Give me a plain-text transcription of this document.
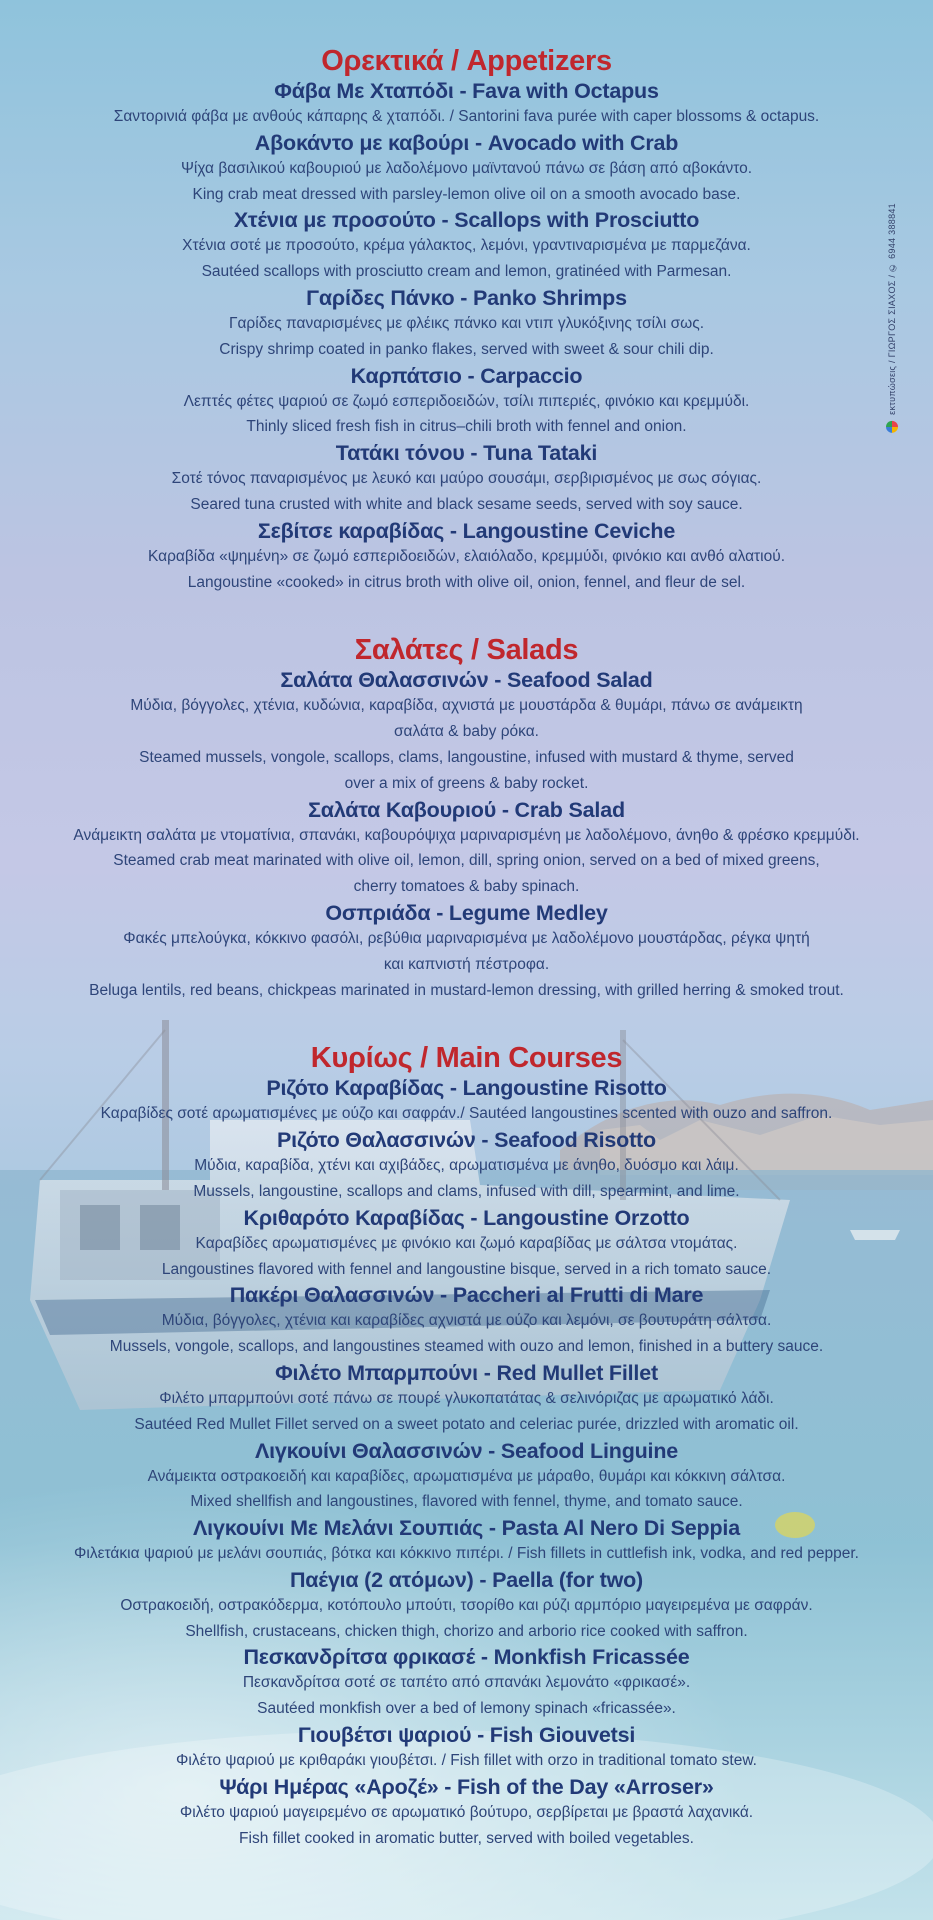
εκτυπώσεις / ΓΙΩΡΓΟΣ ΣΙΑΧΟΣ / ✆ 6944 388841
Ορεκτικά / Appetizers
Φάβα Με Χταπόδι - Fava with Octapus
Σαντορινιά φάβα με ανθούς κάπαρης & χταπόδι. / Santorini fava purée with caper blossoms & octapus.
Αβοκάντο με καβούρι - Avocado with Crab
Ψίχα βασιλικού καβουριού με λαδολέμονο μαϊντανού πάνω σε βάση από αβοκάντο.
King crab meat dressed with parsley-lemon olive oil on a smooth avocado base.
Χτένια με προσούτο - Scallops with Prosciutto
Χτένια σοτέ με προσούτο, κρέμα γάλακτος, λεμόνι, γραντιναρισμένα με παρμεζάνα.
Sautéed scallops with prosciutto cream and lemon, gratinéed with Parmesan.
Γαρίδες Πάνκο - Panko Shrimps
Γαρίδες παναρισμένες με φλέικς πάνκο και ντιπ γλυκόξινης τσίλι σως.
Crispy shrimp coated in panko flakes, served with sweet & sour chili dip.
Καρπάτσιο - Carpaccio
Λεπτές φέτες ψαριού σε ζωμό εσπεριδοειδών, τσίλι πιπεριές, φινόκιο και κρεμμύδι.
Thinly sliced fresh fish in citrus–chili broth with fennel and onion.
Τατάκι τόνου - Tuna Tataki
Σοτέ τόνος παναρισμένος με λευκό και μαύρο σουσάμι, σερβιρισμένος με σως σόγιας.
Seared tuna crusted with white and black sesame seeds, served with soy sauce.
Σεβίτσε καραβίδας - Langoustine Ceviche
Καραβίδα «ψημένη» σε ζωμό εσπεριδοειδών, ελαιόλαδο, κρεμμύδι, φινόκιο και ανθό αλατιού.
Langoustine «cooked» in citrus broth with olive oil, onion, fennel, and fleur de sel.
Σαλάτες / Salads
Σαλάτα Θαλασσινών - Seafood Salad
Μύδια, βόγγολες, χτένια, κυδώνια, καραβίδα, αχνιστά με μουστάρδα & θυμάρι, πάνω σε ανάμεικτη
σαλάτα & baby ρόκα.
Steamed mussels, vongole, scallops, clams, langoustine, infused with mustard & thyme, served
over a mix of greens & baby rocket.
Σαλάτα Καβουριού - Crab Salad
Ανάμεικτη σαλάτα με ντοματίνια, σπανάκι, καβουρόψιχα μαριναρισμένη με λαδολέμονο, άνηθο & φρέσκο κρεμμύδι.
Steamed crab meat marinated with olive oil, lemon, dill, spring onion, served on a bed of mixed greens,
cherry tomatoes & baby spinach.
Οσπριάδα - Legume Medley
Φακές μπελούγκα, κόκκινο φασόλι, ρεβύθια μαριναρισμένα με λαδολέμονο μουστάρδας, ρέγκα ψητή
και καπνιστή πέστροφα.
Beluga lentils, red beans, chickpeas marinated in mustard-lemon dressing, with grilled herring & smoked trout.
Κυρίως / Main Courses
Ριζότο Καραβίδας - Langoustine Risotto
Καραβίδες σοτέ αρωματισμένες με ούζο και σαφράν./ Sautéed langoustines scented with ouzo and saffron.
Ριζότο Θαλασσινών - Seafood Risotto
Μύδια, καραβίδα, χτένι και αχιβάδες, αρωματισμένα με άνηθο, δυόσμο και λάιμ.
Mussels, langoustine, scallops and clams, infused with dill, spearmint, and lime.
Κριθαρότο Καραβίδας - Langoustine Orzotto
Καραβίδες αρωματισμένες με φινόκιο και ζωμό καραβίδας με σάλτσα ντομάτας.
Langoustines flavored with fennel and langoustine bisque, served in a rich tomato sauce.
Πακέρι Θαλασσινών - Paccheri al Frutti di Mare
Μύδια, βόγγολες, χτένια και καραβίδες αχνιστά με ούζο και λεμόνι, σε βουτυράτη σάλτσα.
Mussels, vongole, scallops, and langoustines steamed with ouzo and lemon, finished in a buttery sauce.
Φιλέτο Μπαρμπούνι - Red Mullet Fillet
Φιλέτο μπαρμπούνι σοτέ πάνω σε πουρέ γλυκοπατάτας & σελινόριζας με αρωματικό λάδι.
Sautéed Red Mullet Fillet served on a sweet potato and celeriac purée, drizzled with aromatic oil.
Λιγκουίνι Θαλασσινών - Seafood Linguine
Ανάμεικτα οστρακοειδή και καραβίδες, αρωματισμένα με μάραθο, θυμάρι και κόκκινη σάλτσα.
Mixed shellfish and langoustines, flavored with fennel, thyme, and tomato sauce.
Λιγκουίνι Με Μελάνι Σουπιάς - Pasta Al Nero Di Seppia
Φιλετάκια ψαριού με μελάνι σουπιάς, βότκα και κόκκινο πιπέρι. / Fish fillets in cuttlefish ink, vodka, and red pepper.
Παέγια (2 ατόμων) - Paella (for two)
Οστρακοειδή, οστρακόδερμα, κοτόπουλο μπούτι, τσορίθο και ρύζι αρμπόριο μαγειρεμένα με σαφράν.
Shellfish, crustaceans, chicken thigh, chorizo and arborio rice cooked with saffron.
Πεσκανδρίτσα φρικασέ - Monkfish Fricassée
Πεσκανδρίτσα σοτέ σε ταπέτο από σπανάκι λεμονάτο «φρικασέ».
Sautéed monkfish over a bed of lemony spinach «fricassée».
Γιουβέτσι ψαριού - Fish Giouvetsi
Φιλέτο ψαριού με κριθαράκι γιουβέτσι. / Fish fillet with orzo in traditional tomato stew.
Ψάρι Ημέρας «Αροζέ» - Fish of the Day «Arroser»
Φιλέτο ψαριού μαγειρεμένο σε αρωματικό βούτυρο, σερβίρεται με βραστά λαχανικά.
Fish fillet cooked in aromatic butter, served with boiled vegetables.
